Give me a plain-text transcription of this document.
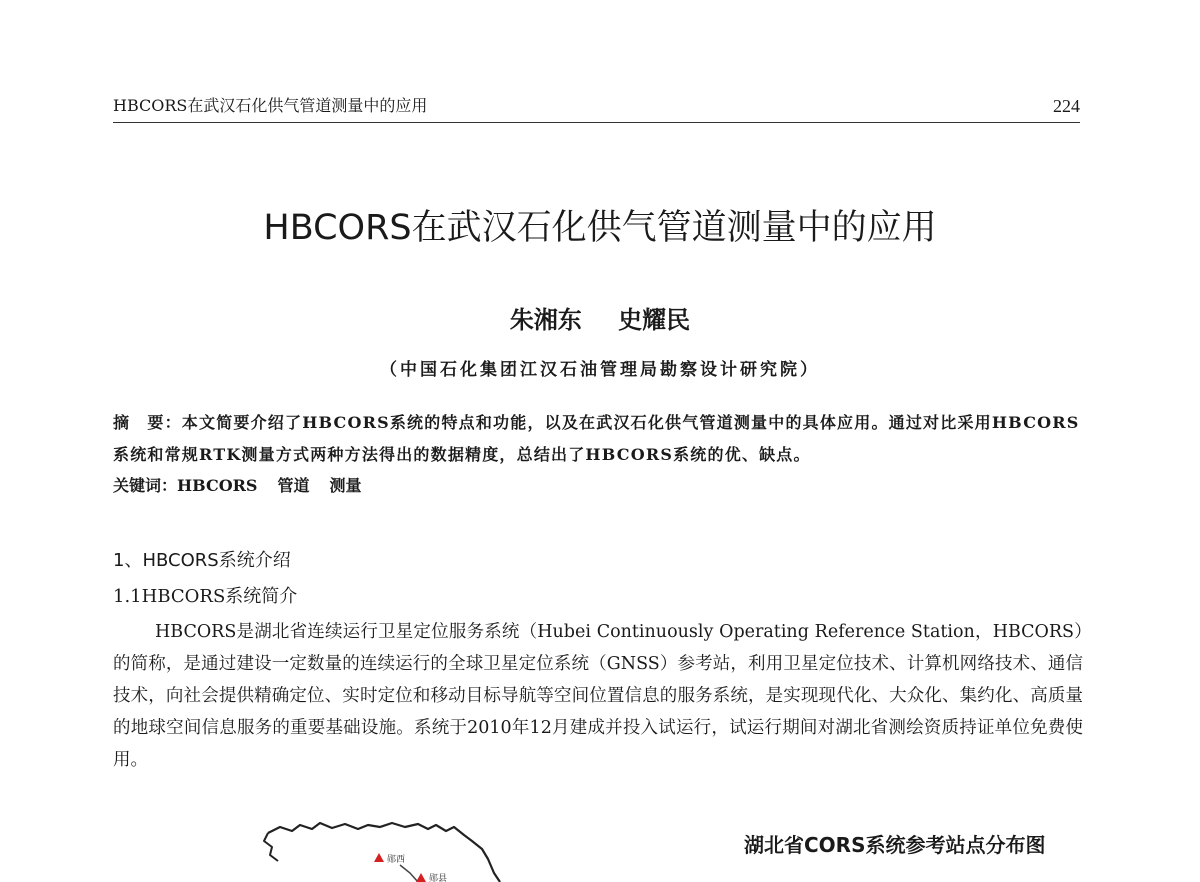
HBCORS在武汉石化供气管道测量中的应用	224
HBCORS在武汉石化供气管道测量中的应用
朱湘东 史耀民
（中国石化集团江汉石油管理局勘察设计研究院）
摘　要：本文简要介绍了HBCORS系统的特点和功能，以及在武汉石化供气管道测量中的具体应用。通过对比采用HBCORS系统和常规RTK测量方式两种方法得出的数据精度，总结出了HBCORS系统的优、缺点。
关键词：HBCORS 管道 测量
1、HBCORS系统介绍
1.1HBCORS系统简介
HBCORS是湖北省连续运行卫星定位服务系统（Hubei Continuously Operating Reference Station，HBCORS）的简称，是通过建设一定数量的连续运行的全球卫星定位系统（GNSS）参考站，利用卫星定位技术、计算机网络技术、通信技术，向社会提供精确定位、实时定位和移动目标导航等空间位置信息的服务系统，是实现现代化、大众化、集约化、高质量的地球空间信息服务的重要基础设施。系统于2010年12月建成并投入试运行，试运行期间对湖北省测绘资质持证单位免费使用。
郧西
郧县
湖北省CORS系统参考站点分布图
